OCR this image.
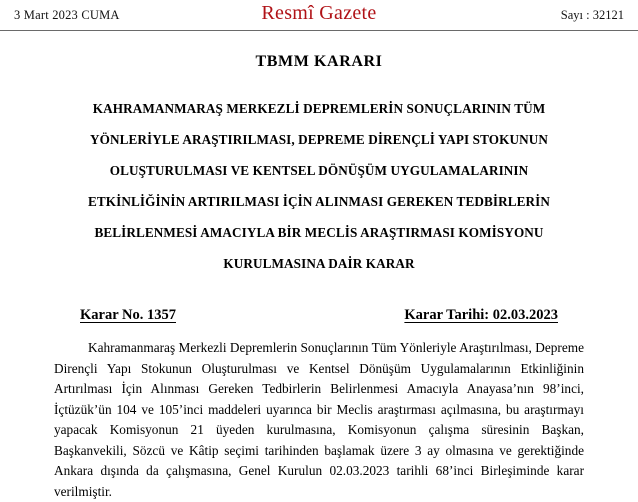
3 Mart 2023 CUMA	Resmî Gazete	Sayı : 32121
TBMM KARARI
KAHRAMANMARAŞ MERKEZLİ DEPREMLERİN SONUÇLARININ TÜM
YÖNLERİYLE ARAŞTIRILMASI, DEPREME DİRENÇLİ YAPI STOKUNUN
OLUŞTURULMASI VE KENTSEL DÖNÜŞÜM UYGULAMALARININ
ETKİNLİĞİNİN ARTIRILMASI İÇİN ALINMASI GEREKEN TEDBİRLERİN
BELİRLENMESİ AMACIYLA BİR MECLİS ARAŞTIRMASI KOMİSYONU
KURULMASINA DAİR KARAR
Karar No. 1357	Karar Tarihi: 02.03.2023

Kahramanmaraş Merkezli Depremlerin Sonuçlarının Tüm Yönleriyle Araştırılması, Depreme Dirençli Yapı Stokunun Oluşturulması ve Kentsel Dönüşüm Uygulamalarının Etkinliğinin Artırılması İçin Alınması Gereken Tedbirlerin Belirlenmesi Amacıyla Anayasa’nın 98’inci, İçtüzük’ün 104 ve 105’inci maddeleri uyarınca bir Meclis araştırması açılmasına, bu araştırmayı yapacak Komisyonun 21 üyeden kurulmasına, Komisyonun çalışma süresinin Başkan, Başkanvekili, Sözcü ve Kâtip seçimi tarihinden başlamak üzere 3 ay olmasına ve gerektiğinde Ankara dışında da çalışmasına, Genel Kurulun 02.03.2023 tarihli 68’inci Birleşiminde karar verilmiştir.
